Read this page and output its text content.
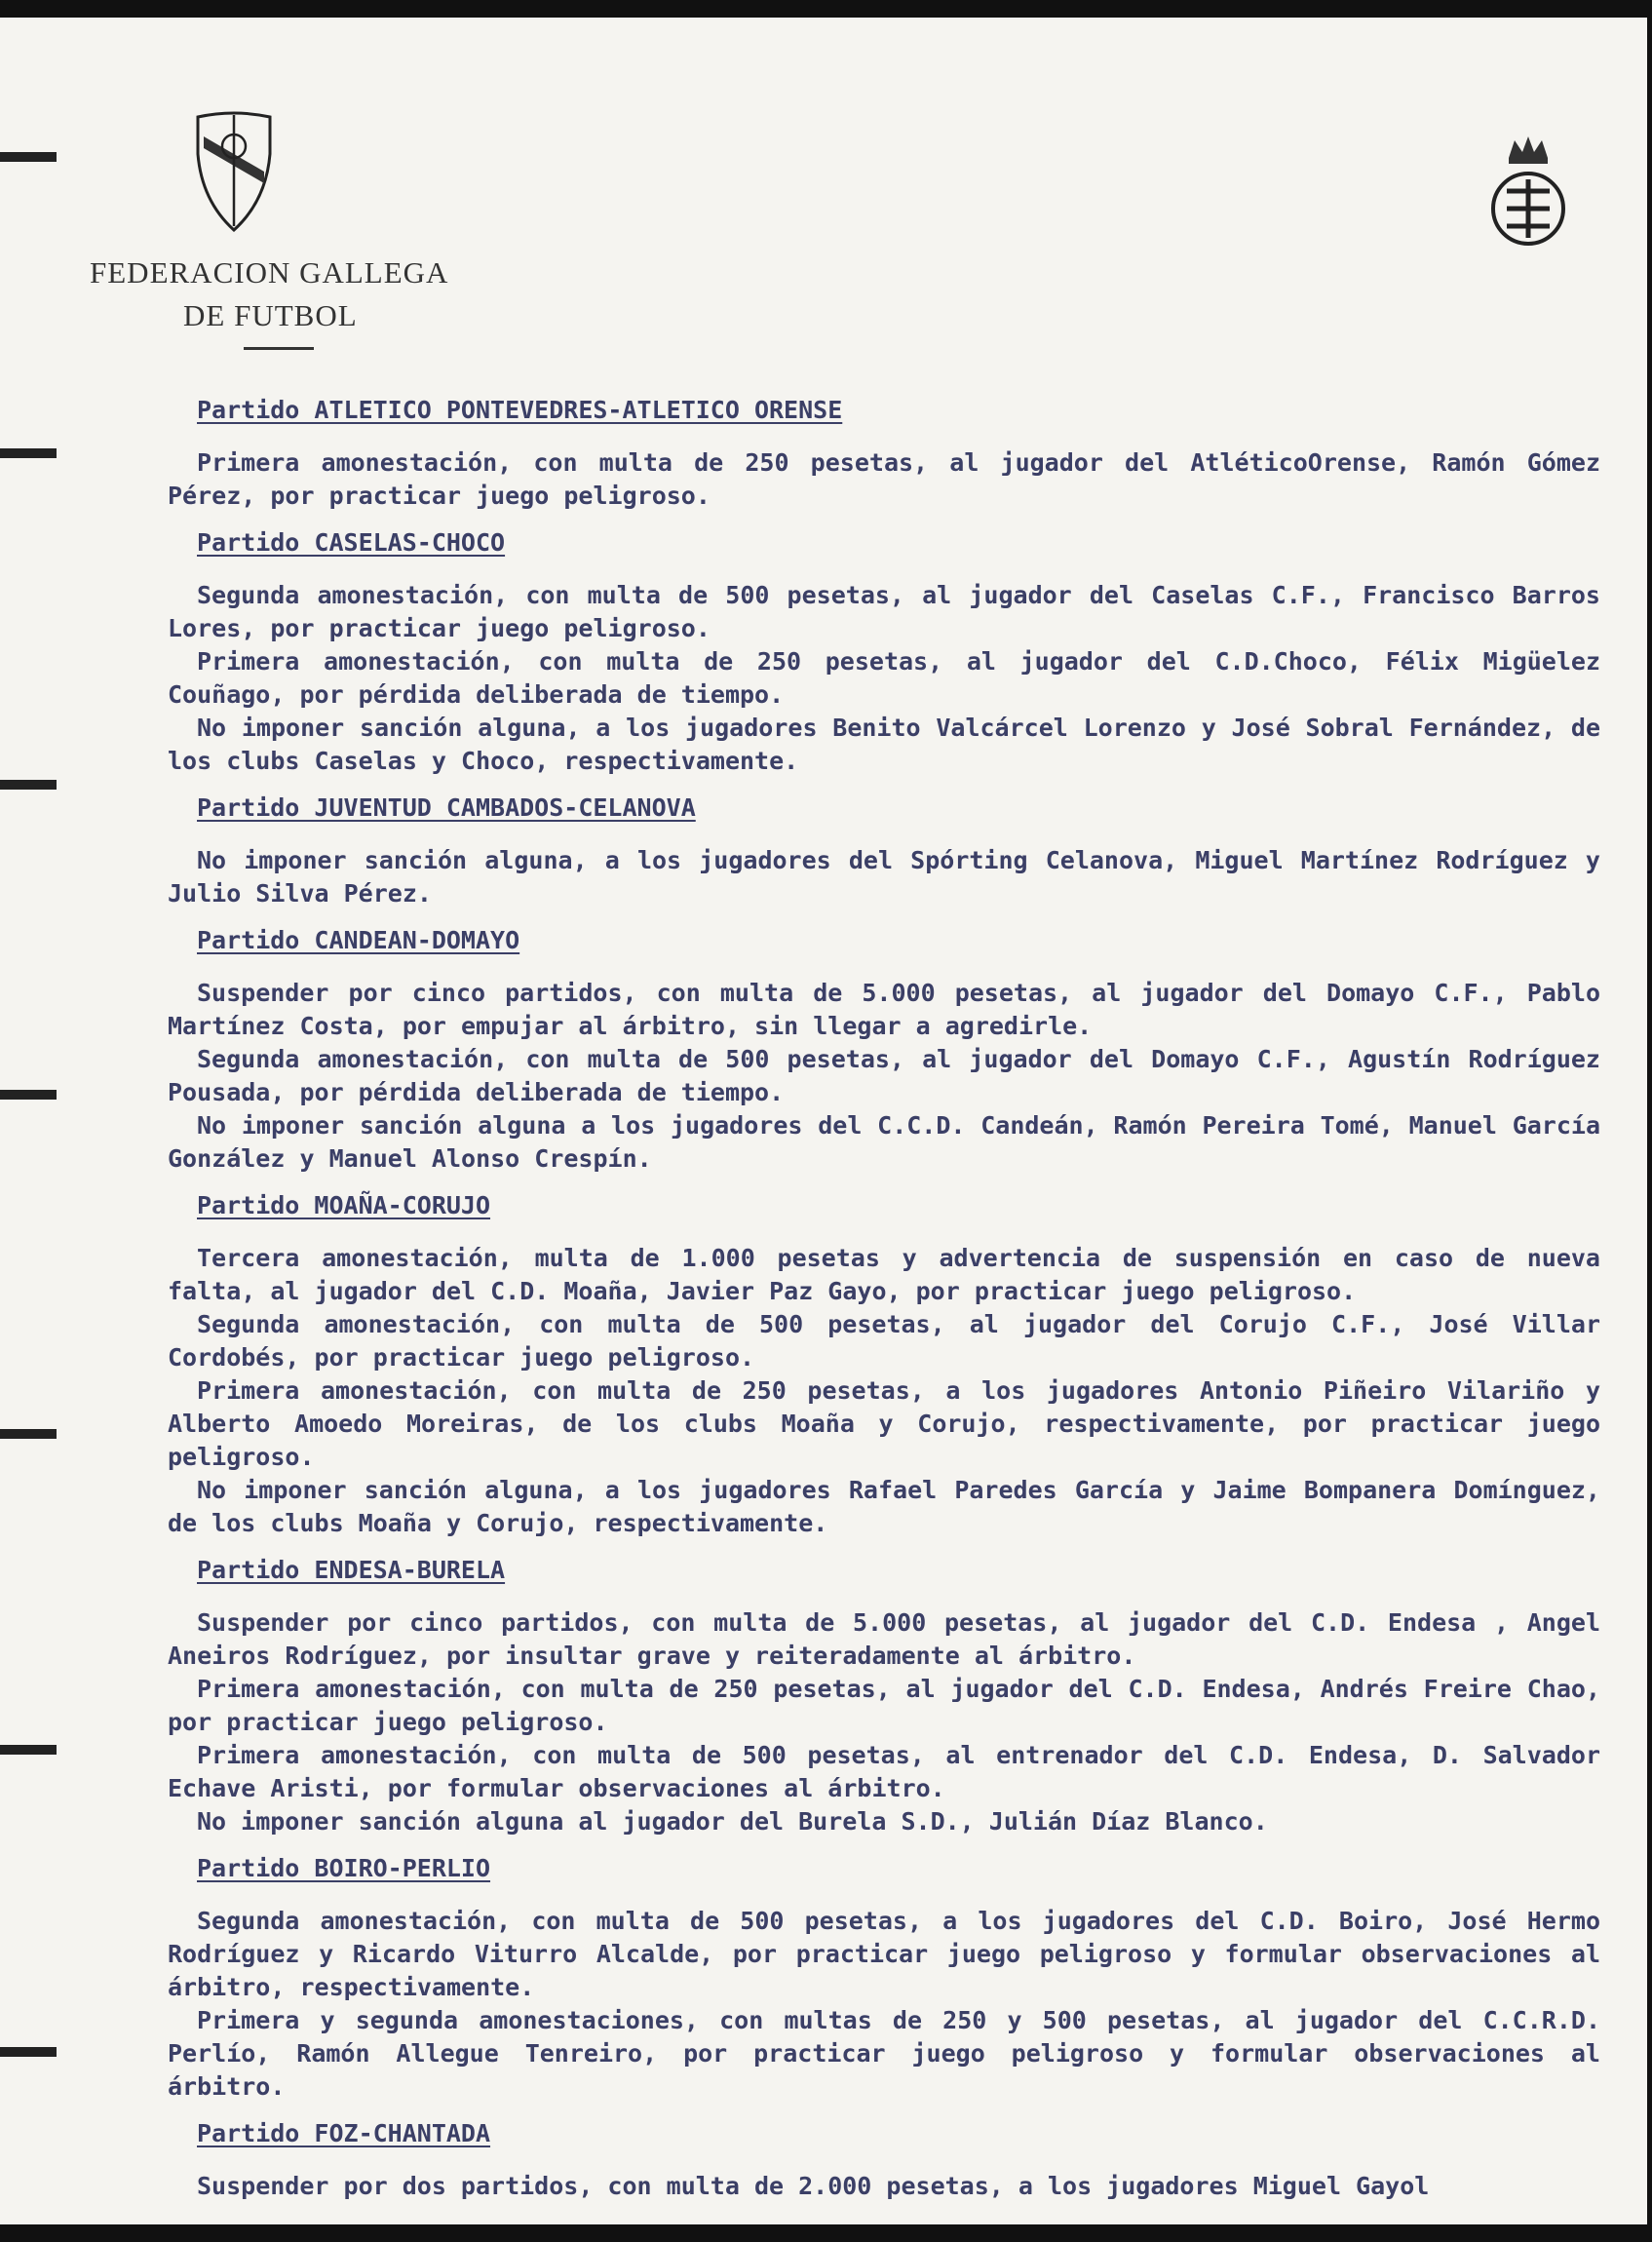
FEDERACION GALLEGA
DE FUTBOL
Partido ATLETICO PONTEVEDRES-ATLETICO ORENSE

Primera amonestación, con multa de 250 pesetas, al jugador del AtléticoOrense, Ramón Gómez Pérez, por practicar juego peligroso.

Partido CASELAS-CHOCO

Segunda amonestación, con multa de 500 pesetas, al jugador del Caselas C.F., Francisco Barros Lores, por practicar juego peligroso.

Primera amonestación, con multa de 250 pesetas, al jugador del C.D.Choco, Félix Migüelez Couñago, por pérdida deliberada de tiempo.

No imponer sanción alguna, a los jugadores Benito Valcárcel Lorenzo y José Sobral Fernández, de los clubs Caselas y Choco, respectivamente.

Partido JUVENTUD CAMBADOS-CELANOVA

No imponer sanción alguna, a los jugadores del Spórting Celanova, Miguel Martínez Rodríguez y Julio Silva Pérez.

Partido CANDEAN-DOMAYO

Suspender por cinco partidos, con multa de 5.000 pesetas, al jugador del Domayo C.F., Pablo Martínez Costa, por empujar al árbitro, sin llegar a agredirle.

Segunda amonestación, con multa de 500 pesetas, al jugador del Domayo C.F., Agustín Rodríguez Pousada, por pérdida deliberada de tiempo.

No imponer sanción alguna a los jugadores del C.C.D. Candeán, Ramón Pereira Tomé, Manuel García González y Manuel Alonso Crespín.

Partido MOAÑA-CORUJO

Tercera amonestación, multa de 1.000 pesetas y advertencia de suspensión en caso de nueva falta, al jugador del C.D. Moaña, Javier Paz Gayo, por practicar juego peligroso.

Segunda amonestación, con multa de 500 pesetas, al jugador del Corujo C.F., José Villar Cordobés, por practicar juego peligroso.

Primera amonestación, con multa de 250 pesetas, a los jugadores Antonio Piñeiro Vilariño y Alberto Amoedo Moreiras, de los clubs Moaña y Corujo, respectivamente, por practicar juego peligroso.

No imponer sanción alguna, a los jugadores Rafael Paredes García y Jaime Bompanera Domínguez, de los clubs Moaña y Corujo, respectivamente.

Partido ENDESA-BURELA

Suspender por cinco partidos, con multa de 5.000 pesetas, al jugador del C.D. Endesa , Angel Aneiros Rodríguez, por insultar grave y reiteradamente al árbitro.

Primera amonestación, con multa de 250 pesetas, al jugador del C.D. Endesa, Andrés Freire Chao, por practicar juego peligroso.

Primera amonestación, con multa de 500 pesetas, al entrenador del C.D. Endesa, D. Salvador Echave Aristi, por formular observaciones al árbitro.

No imponer sanción alguna al jugador del Burela S.D., Julián Díaz Blanco.

Partido BOIRO-PERLIO

Segunda amonestación, con multa de 500 pesetas, a los jugadores del C.D. Boiro, José Hermo Rodríguez y Ricardo Viturro Alcalde, por practicar juego peligroso y formular observaciones al árbitro, respectivamente.

Primera y segunda amonestaciones, con multas de 250 y 500 pesetas, al jugador del C.C.R.D. Perlío, Ramón Allegue Tenreiro, por practicar juego peligroso y formular observaciones al árbitro.

Partido FOZ-CHANTADA

Suspender por dos partidos, con multa de 2.000 pesetas, a los jugadores Miguel Gayol
